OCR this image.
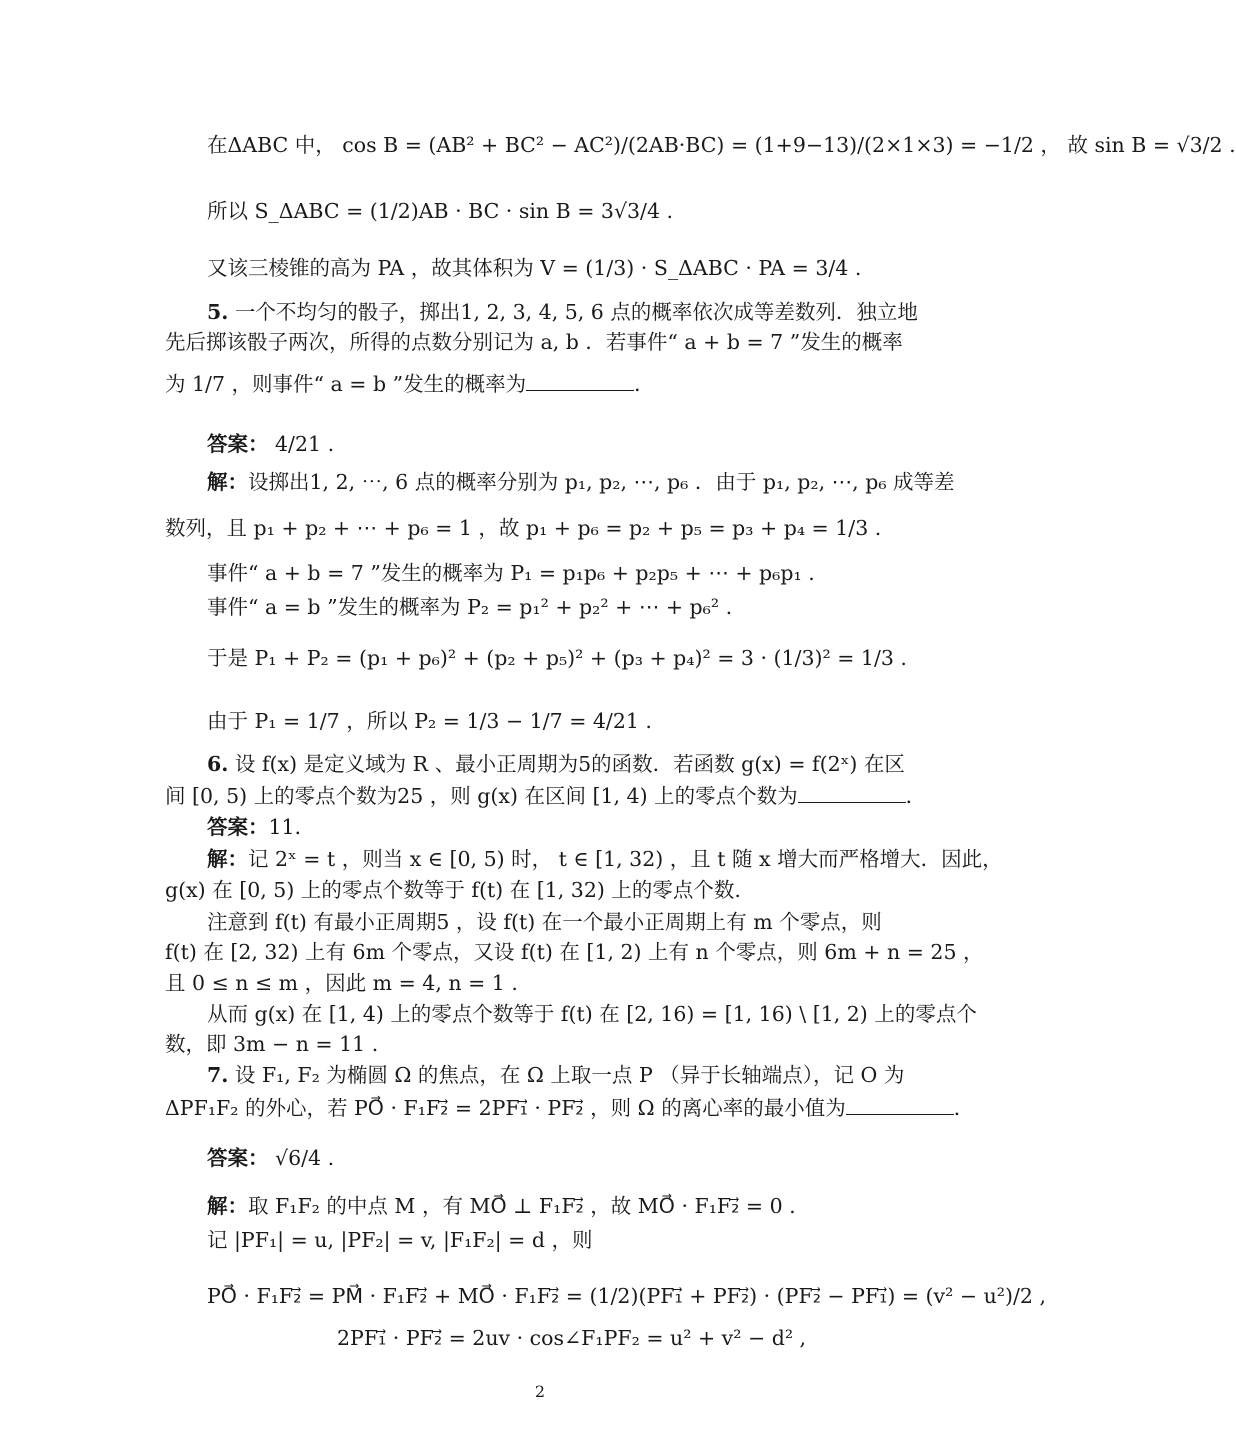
在ΔABC 中， cos B = (AB² + BC² − AC²)/(2AB·BC) = (1+9−13)/(2×1×3) = −1/2 ， 故 sin B = √3/2 .
所以 S_ΔABC = (1/2)AB · BC · sin B = 3√3/4 .
又该三棱锥的高为 PA ，故其体积为 V = (1/3) · S_ΔABC · PA = 3/4 .
5. 一个不均匀的骰子，掷出1, 2, 3, 4, 5, 6 点的概率依次成等差数列．独立地
先后掷该骰子两次，所得的点数分别记为 a, b ．若事件“ a + b = 7 ”发生的概率
为 1/7 ，则事件“ a = b ”发生的概率为	．
答案： 4/21 .
解：设掷出1, 2, ⋯, 6 点的概率分别为 p₁, p₂, ⋯, p₆ ．由于 p₁, p₂, ⋯, p₆ 成等差
数列，且 p₁ + p₂ + ⋯ + p₆ = 1 ，故 p₁ + p₆ = p₂ + p₅ = p₃ + p₄ = 1/3 .
事件“ a + b = 7 ”发生的概率为 P₁ = p₁p₆ + p₂p₅ + ⋯ + p₆p₁ .
事件“ a = b ”发生的概率为 P₂ = p₁² + p₂² + ⋯ + p₆² .
于是 P₁ + P₂ = (p₁ + p₆)² + (p₂ + p₅)² + (p₃ + p₄)² = 3 · (1/3)² = 1/3 .
由于 P₁ = 1/7 ，所以 P₂ = 1/3 − 1/7 = 4/21 .
6. 设 f(x) 是定义域为 R 、最小正周期为5的函数．若函数 g(x) = f(2ˣ) 在区
间 [0, 5) 上的零点个数为25 ，则 g(x) 在区间 [1, 4) 上的零点个数为	．
答案：11．
解：记 2ˣ = t ，则当 x ∈ [0, 5) 时， t ∈ [1, 32) ，且 t 随 x 增大而严格增大．因此，
g(x) 在 [0, 5) 上的零点个数等于 f(t) 在 [1, 32) 上的零点个数.
注意到 f(t) 有最小正周期5 ，设 f(t) 在一个最小正周期上有 m 个零点，则
f(t) 在 [2, 32) 上有 6m 个零点，又设 f(t) 在 [1, 2) 上有 n 个零点，则 6m + n = 25 ，
且 0 ≤ n ≤ m ，因此 m = 4, n = 1 .
从而 g(x) 在 [1, 4) 上的零点个数等于 f(t) 在 [2, 16) = [1, 16) \ [1, 2) 上的零点个
数，即 3m − n = 11 .
7. 设 F₁, F₂ 为椭圆 Ω 的焦点，在 Ω 上取一点 P （异于长轴端点），记 O 为
ΔPF₁F₂ 的外心，若 PO⃗ · F₁F₂⃗ = 2PF₁⃗ · PF₂⃗ ，则 Ω 的离心率的最小值为	．
答案： √6/4 .
解：取 F₁F₂ 的中点 M ，有 MO⃗ ⊥ F₁F₂⃗ ，故 MO⃗ · F₁F₂⃗ = 0 .
记 |PF₁| = u, |PF₂| = v, |F₁F₂| = d ，则
PO⃗ · F₁F₂⃗ = PM⃗ · F₁F₂⃗ + MO⃗ · F₁F₂⃗ = (1/2)(PF₁⃗ + PF₂⃗) · (PF₂⃗ − PF₁⃗) = (v² − u²)/2 ,
2PF₁⃗ · PF₂⃗ = 2uv · cos∠F₁PF₂ = u² + v² − d² ,
2
